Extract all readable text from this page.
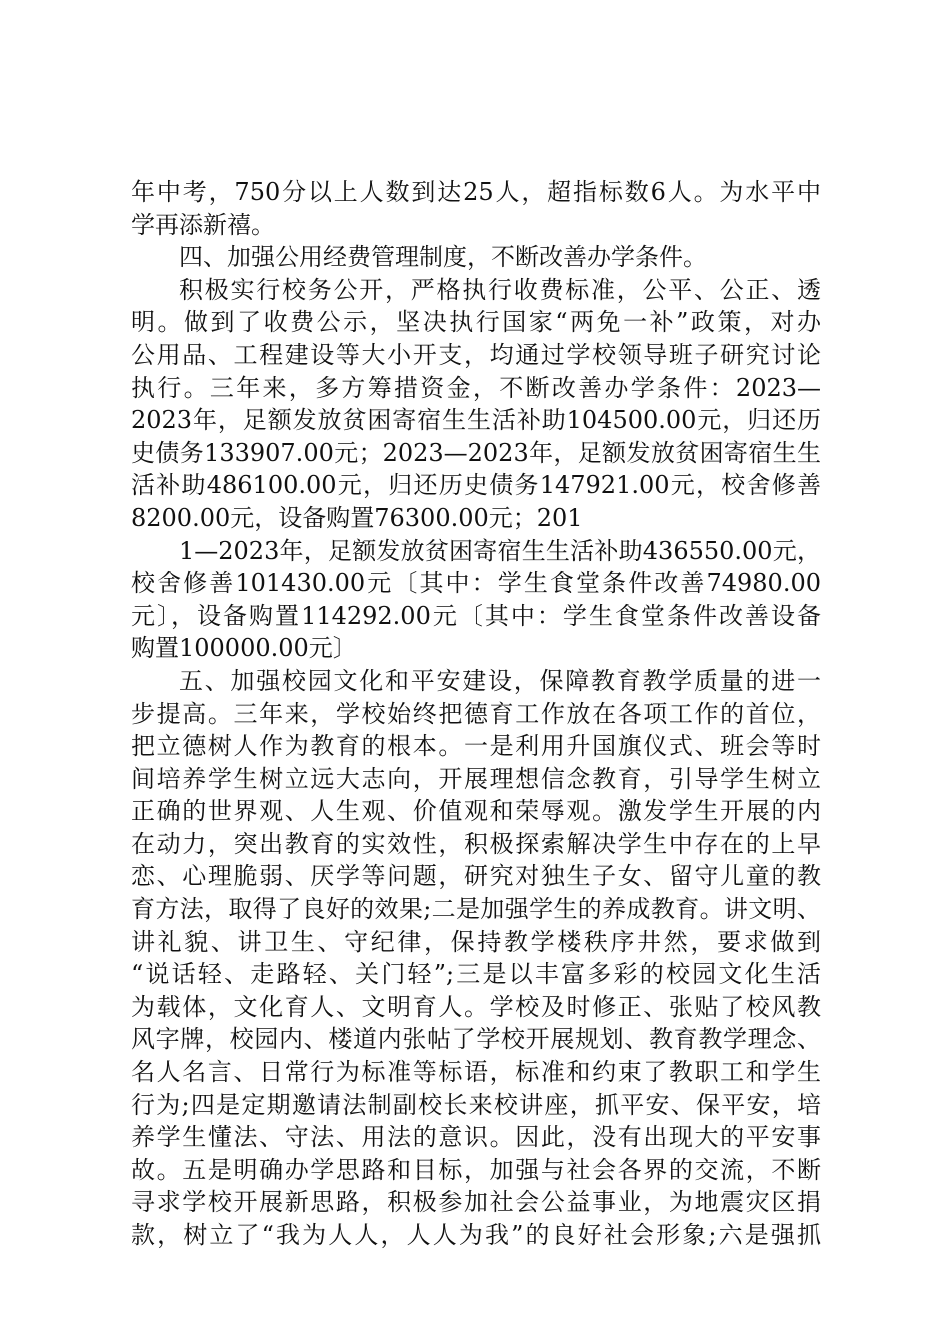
年中考，750分以上人数到达25人，超指标数6人。为水平中
学再添新禧。
四、加强公用经费管理制度，不断改善办学条件。
积极实行校务公开，严格执行收费标准，公平、公正、透
明。做到了收费公示，坚决执行国家“两免一补”政策，对办
公用品、工程建设等大小开支，均通过学校领导班子研究讨论
执行。三年来，多方筹措资金，不断改善办学条件：2023—
2023年，足额发放贫困寄宿生生活补助104500.00元，归还历
史债务133907.00元；2023—2023年，足额发放贫困寄宿生生
活补助486100.00元，归还历史债务147921.00元，校舍修善
8200.00元，设备购置76300.00元；201
1—2023年，足额发放贫困寄宿生生活补助436550.00元，
校舍修善101430.00元〔其中：学生食堂条件改善74980.00
元〕，设备购置114292.00元〔其中：学生食堂条件改善设备
购置100000.00元〕
五、加强校园文化和平安建设，保障教育教学质量的进一
步提高。三年来，学校始终把德育工作放在各项工作的首位，
把立德树人作为教育的根本。一是利用升国旗仪式、班会等时
间培养学生树立远大志向，开展理想信念教育，引导学生树立
正确的世界观、人生观、价值观和荣辱观。激发学生开展的内
在动力，突出教育的实效性，积极探索解决学生中存在的上早
恋、心理脆弱、厌学等问题，研究对独生子女、留守儿童的教
育方法，取得了良好的效果;二是加强学生的养成教育。讲文明、
讲礼貌、讲卫生、守纪律，保持教学楼秩序井然，要求做到
“说话轻、走路轻、关门轻”;三是以丰富多彩的校园文化生活
为载体，文化育人、文明育人。学校及时修正、张贴了校风教
风字牌，校园内、楼道内张帖了学校开展规划、教育教学理念、
名人名言、日常行为标准等标语，标准和约束了教职工和学生
行为;四是定期邀请法制副校长来校讲座，抓平安、保平安，培
养学生懂法、守法、用法的意识。因此，没有出现大的平安事
故。五是明确办学思路和目标，加强与社会各界的交流，不断
寻求学校开展新思路，积极参加社会公益事业，为地震灾区捐
款，树立了“我为人人，人人为我”的良好社会形象;六是强抓
